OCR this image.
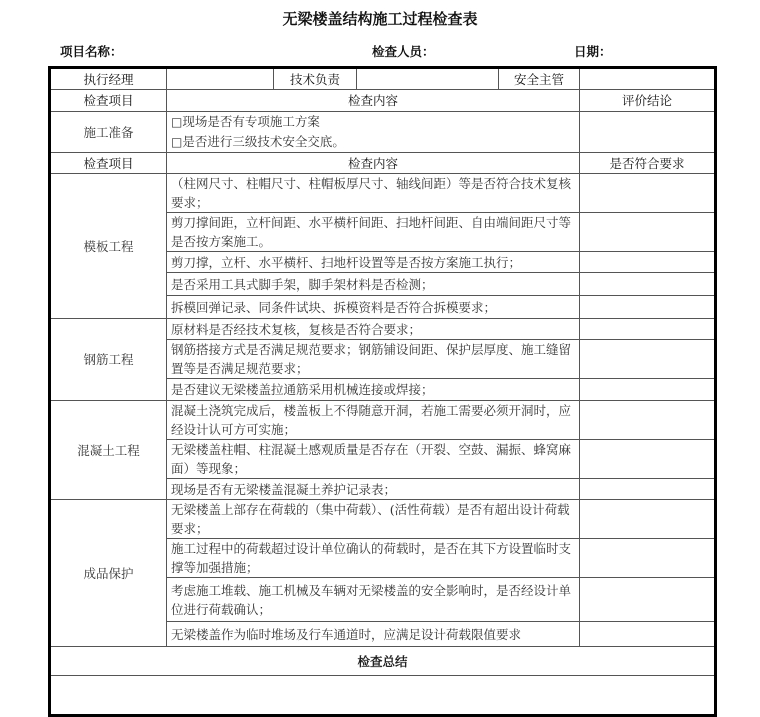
无梁楼盖结构施工过程检查表
项目名称：	检查人员：	日期：
执行经理		技术负责		安全主管	
检查项目	检查内容				评价结论
施工准备	□现场是否有专项施工方案
□是否进行三级技术安全交底。				

检查项目	检查内容				是否符合要求
模板工程	（柱网尺寸、柱帽尺寸、柱帽板厚尺寸、轴线间距）等是否符合技术复核要求；				
	剪刀撑间距，立杆间距、水平横杆间距、扫地杆间距、自由端间距尺寸等是否按方案施工。				
	剪刀撑，立杆、水平横杆、扫地杆设置等是否按方案施工执行；				
	是否采用工具式脚手架，脚手架材料是否检测；				
	拆模回弹记录、同条件试块、拆模资料是否符合拆模要求；				
钢筋工程	原材料是否经技术复核，复核是否符合要求；				
	钢筋搭接方式是否满足规范要求；钢筋铺设间距、保护层厚度、施工缝留置等是否满足规范要求；				
	是否建议无梁楼盖拉通筋采用机械连接或焊接；				
混凝土工程	混凝土浇筑完成后，楼盖板上不得随意开洞，若施工需要必须开洞时，应经设计认可方可实施；				
	无梁楼盖柱帽、柱混凝土感观质量是否存在（开裂、空鼓、漏振、蜂窝麻面）等现象；				
	现场是否有无梁楼盖混凝土养护记录表；				
成品保护	无梁楼盖上部存在荷载的（集中荷载）、(活性荷载）是否有超出设计荷载要求；				
	施工过程中的荷载超过设计单位确认的荷载时，是否在其下方设置临时支撑等加强措施；				
	考虑施工堆载、施工机械及车辆对无梁楼盖的安全影响时，是否经设计单位进行荷载确认；				
	无梁楼盖作为临时堆场及行车通道时，应满足设计荷载限值要求				
检查总结					
